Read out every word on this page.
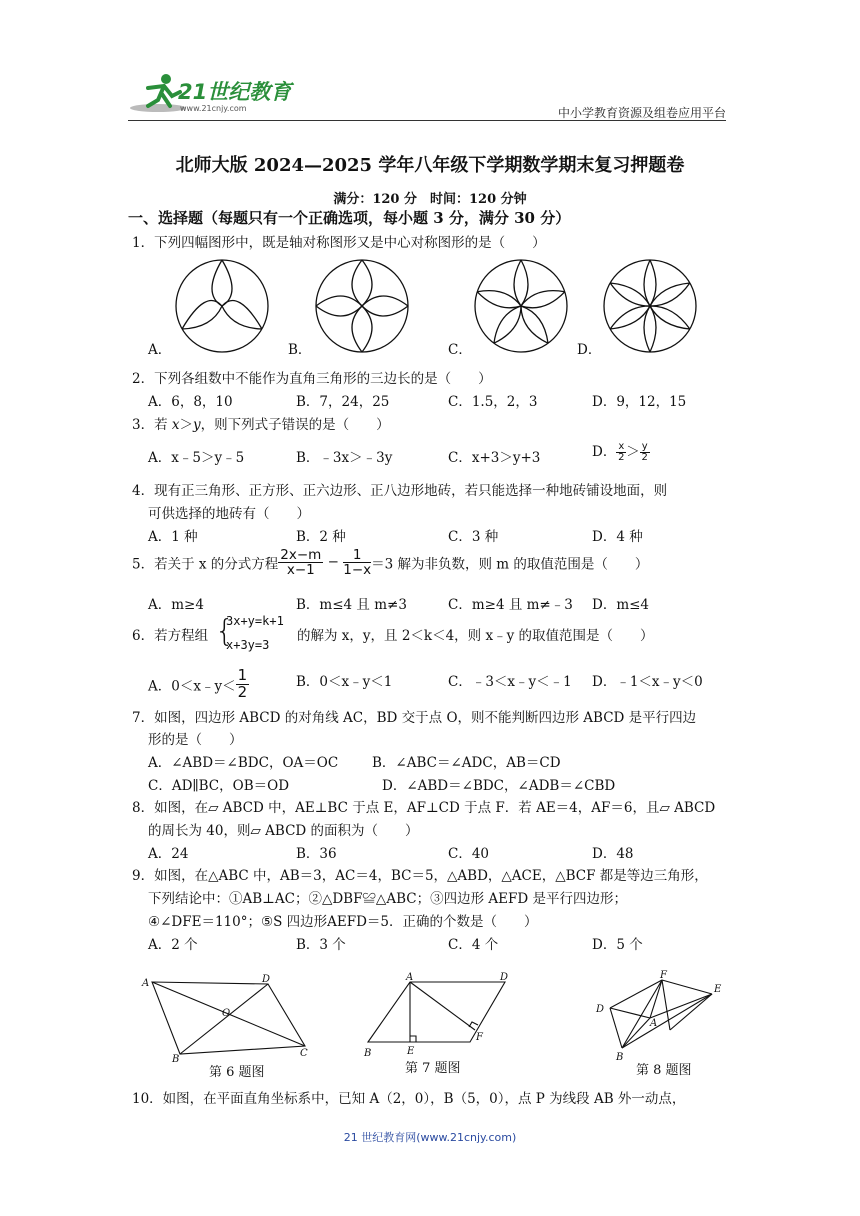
21世纪教育
www.21cnjy.com	中小学教育资源及组卷应用平台
北师大版 2024—2025 学年八年级下学期数学期末复习押题卷
满分：120 分　时间：120 分钟
一、选择题（每题只有一个正确选项，每小题 3 分，满分 30 分）
1．下列四幅图形中，既是轴对称图形又是中心对称图形的是（　　）
A．	B．	C．	D．
2．下列各组数中不能作为直角三角形的三边长的是（　　）
A．6，8，10	B．7，24，25	C．1.5，2，3	D．9，12，15
3．若 x＞y，则下列式子错误的是（　　）
A．x﹣5＞y﹣5	B．﹣3x＞﹣3y	C．x+3＞y+3	D． $\frac{x}{2} > \frac{y}{2}$
4．现有正三角形、正方形、正六边形、正八边形地砖，若只能选择一种地砖铺设地面，则
可供选择的地砖有（　　）
A．1 种	B．2 种	C．3 种	D．4 种
5．若关于 x 的分式方程 $\frac{2x-m}{x-1} - \frac{1}{1-x} =3$ 解为非负数，则 m 的取值范围是（　　）
A．m≥4	B．m≤4 且 m≠3	C．m≥4 且 m≠﹣3 D．m≤4
6．若方程组 {
3x+y=k+1
x+3y=3
的解为 x，y，且 2＜k＜4，则 x﹣y 的取值范围是（　　）
A．0＜x﹣y＜ $\frac{1}{2}$	B．0＜x﹣y＜1	C．﹣3＜x﹣y＜﹣1 D．﹣1＜x﹣y＜0
7．如图，四边形 ABCD 的对角线 AC，BD 交于点 O，则不能判断四边形 ABCD 是平行四边
形的是（　　）
A．∠ABD＝∠BDC，OA＝OC	B．∠ABC＝∠ADC，AB＝CD
C．AD∥BC，OB＝OD	D．∠ABD＝∠BDC，∠ADB＝∠CBD
8．如图，在▱ ABCD 中，AE⊥BC 于点 E，AF⊥CD 于点 F．若 AE＝4，AF＝6，且▱ ABCD
的周长为 40，则▱ ABCD 的面积为（　　）
A．24	B．36	C．40	D．48
9．如图，在△ABC 中，AB＝3，AC＝4，BC＝5，△ABD，△ACE，△BCF 都是等边三角形，
下列结论中：①AB⊥AC；②△DBF≌△ABC；③四边形 AEFD 是平行四边形；
④∠DFE＝110°；⑤S 四边形AEFD＝5．正确的个数是（　　）
A．2 个	B．3 个	C．4 个	D．5 个
A	D
O
B
C
第 6 题图
A	D
B	E
F
第 7 题图
F
E
D
A
B
第 8 题图
10．如图，在平面直角坐标系中，已知 A（2，0），B（5，0），点 P 为线段 AB 外一动点，
21 世纪教育网(www.21cnjy.com)
